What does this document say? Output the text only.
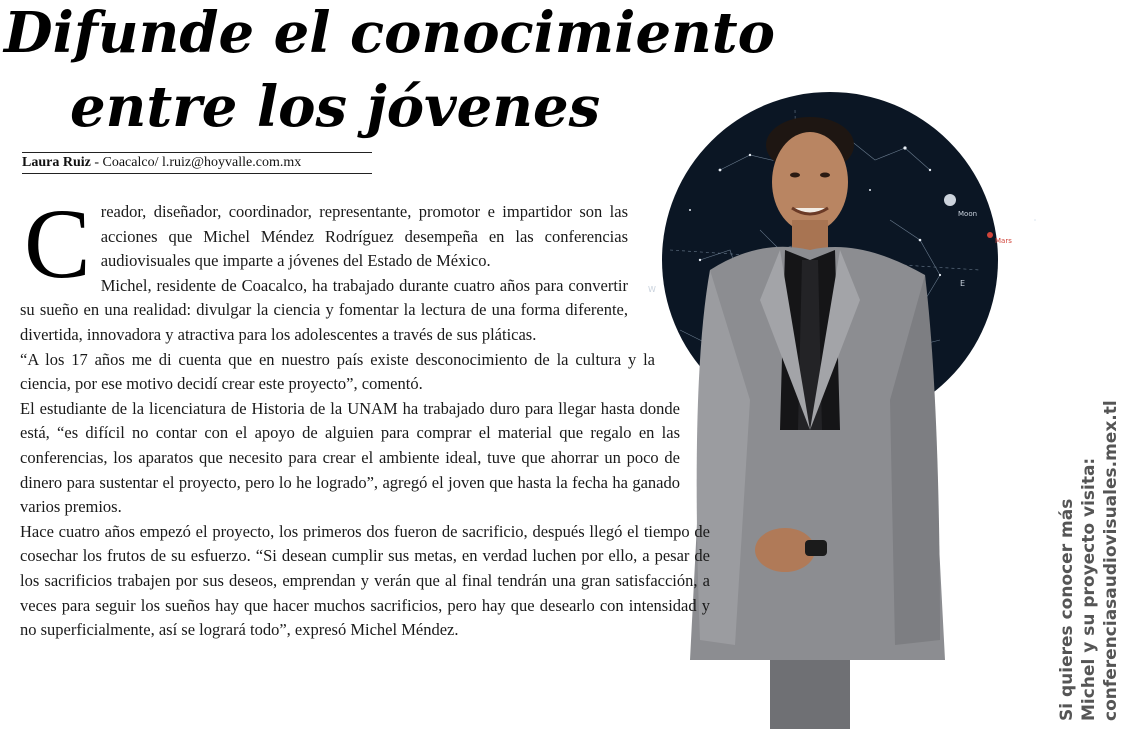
Difunde el conocimiento
entre los jóvenes
Laura Ruiz - Coacalco/ l.ruiz@hoyvalle.com.mx
Moon
Mars
W
E

Creador, diseñador, coordinador, representante, promotor e impartidor son las acciones que Michel Méndez Rodríguez desempeña en las conferencias audiovisuales que imparte a jóvenes del Estado de México.

Michel, residente de Coacalco, ha trabajado durante cuatro años para convertir su sueño en una realidad: divulgar la ciencia y fomentar la lectura de una forma diferente, divertida, innovadora y atractiva para los adolescentes a través de sus pláticas.

“A los 17 años me di cuenta que en nuestro país existe desconocimiento de la cultura y la ciencia, por ese motivo decidí crear este proyecto”, comentó.

El estudiante de la licenciatura de Historia de la UNAM ha trabajado duro para llegar hasta donde está, “es difícil no contar con el apoyo de alguien para comprar el material que regalo en las conferencias, los aparatos que necesito para crear el ambiente ideal, tuve que ahorrar un poco de dinero para sustentar el proyecto, pero lo he logrado”, agregó el joven que hasta la fecha ha ganado varios premios.

Hace cuatro años empezó el proyecto, los primeros dos fueron de sacrificio, después llegó el tiempo de cosechar los frutos de su esfuerzo. “Si desean cumplir sus metas, en verdad luchen por ello, a pesar de los sacrificios trabajen por sus deseos, emprendan y verán que al final tendrán una gran satisfacción, a veces para seguir los sueños hay que hacer muchos sacrificios, pero hay que desearlo con intensidad y no superficialmente, así se logrará todo”, expresó Michel Méndez.	Si quieres conocer más Michel y su proyecto visita: conferenciasaudiovisuales.mex.tl
